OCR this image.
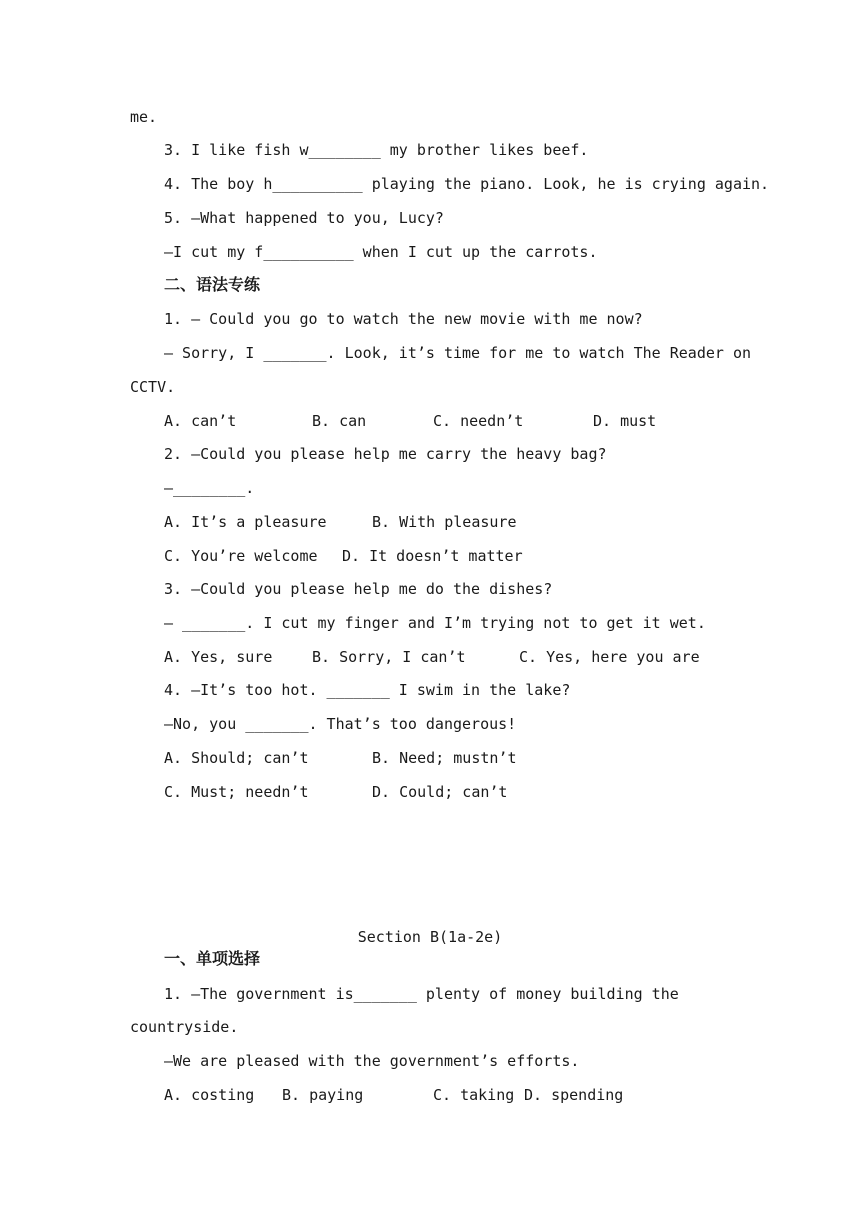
me.
3. I like fish w________ my brother likes beef.
4. The boy h__________ playing the piano. Look, he is crying again.
5. —What happened to you, Lucy?
—I cut my f__________ when I cut up the carrots.
二、语法专练
1. — Could you go to watch the new movie with me now?
— Sorry, I _______. Look, it’s time for me to watch The Reader on
CCTV.
A. can’t	B. can	C. needn’t	D. must
2. —Could you please help me carry the heavy bag?
—________.
A. It’s a pleasure	B. With pleasure
C. You’re welcome D. It doesn’t matter
3. —Could you please help me do the dishes?
— _______. I cut my finger and I’m trying not to get it wet.
A. Yes, sure	B. Sorry, I can’t	C. Yes, here you are
4. —It’s too hot. _______ I swim in the lake?
—No, you _______. That’s too dangerous!
A. Should; can’t	B. Need; mustn’t
C. Must; needn’t	D. Could; can’t
Section B(1a-2e)
一、单项选择
1. —The government is_______ plenty of money building the
countryside.
—We are pleased with the government’s efforts.
A. costing B. paying	C. taking D. spending
